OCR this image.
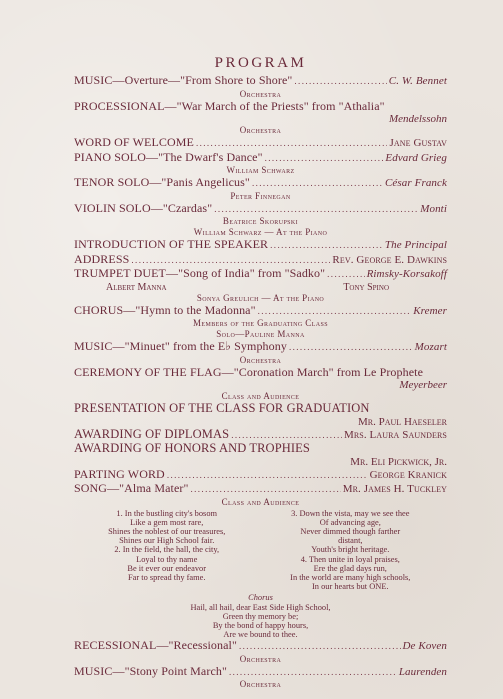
PROGRAM
MUSIC—Overture—"From Shore to Shore" .....	C. W. Bennet
Orchestra
PROCESSIONAL—"War March of the Priests" from "Athalia"
Mendelssohn
Orchestra
WORD OF WELCOME .....	Jane Gustav
PIANO SOLO—"The Dwarf's Dance" .....	Edvard Grieg
William Schwarz
TENOR SOLO—"Panis Angelicus" .....	César Franck
Peter Finnegan
VIOLIN SOLO—"Czardas" .....	Monti
Beatrice Skorupski
William Schwarz — At the Piano
INTRODUCTION OF THE SPEAKER .....	The Principal
ADDRESS .....	Rev. George E. Dawkins
TRUMPET DUET—"Song of India" from "Sadko" .....	Rimsky-Korsakoff
Albert Manna	Tony Spino
Sonya Greulich — At the Piano
CHORUS—"Hymn to the Madonna" .....	Kremer
Members of the Graduating Class
Solo—Pauline Manna
MUSIC—"Minuet" from the E♭ Symphony .....	Mozart
Orchestra
CEREMONY OF THE FLAG—"Coronation March" from Le Prophete
Meyerbeer
Class and Audience
PRESENTATION OF THE CLASS FOR GRADUATION
Mr. Paul Haeseler
AWARDING OF DIPLOMAS .....	Mrs. Laura Saunders
AWARDING OF HONORS AND TROPHIES
Mr. Eli Pickwick, Jr.
PARTING WORD .....	George Kranick
SONG—"Alma Mater" .....	Mr. James H. Tuckley
Class and Audience
1. In the bustling city's bosom
Like a gem most rare,
Shines the noblest of our treasures,
Shines our High School fair.
2. In the field, the hall, the city,
Loyal to thy name
Be it ever our endeavor
Far to spread thy fame.
3. Down the vista, may we see thee
Of advancing age,
Never dimmed though farther
distant,
Youth's bright heritage.
4. Then unite in loyal praises,
Ere the glad days run,
In the world are many high schools,
In our hearts but ONE.
Chorus
Hail, all hail, dear East Side High School,
Green thy memory be;
By the bond of happy hours,
Are we bound to thee.
RECESSIONAL—"Recessional" .....	De Koven
Orchestra
MUSIC—"Stony Point March" .....	Laurenden
Orchestra
